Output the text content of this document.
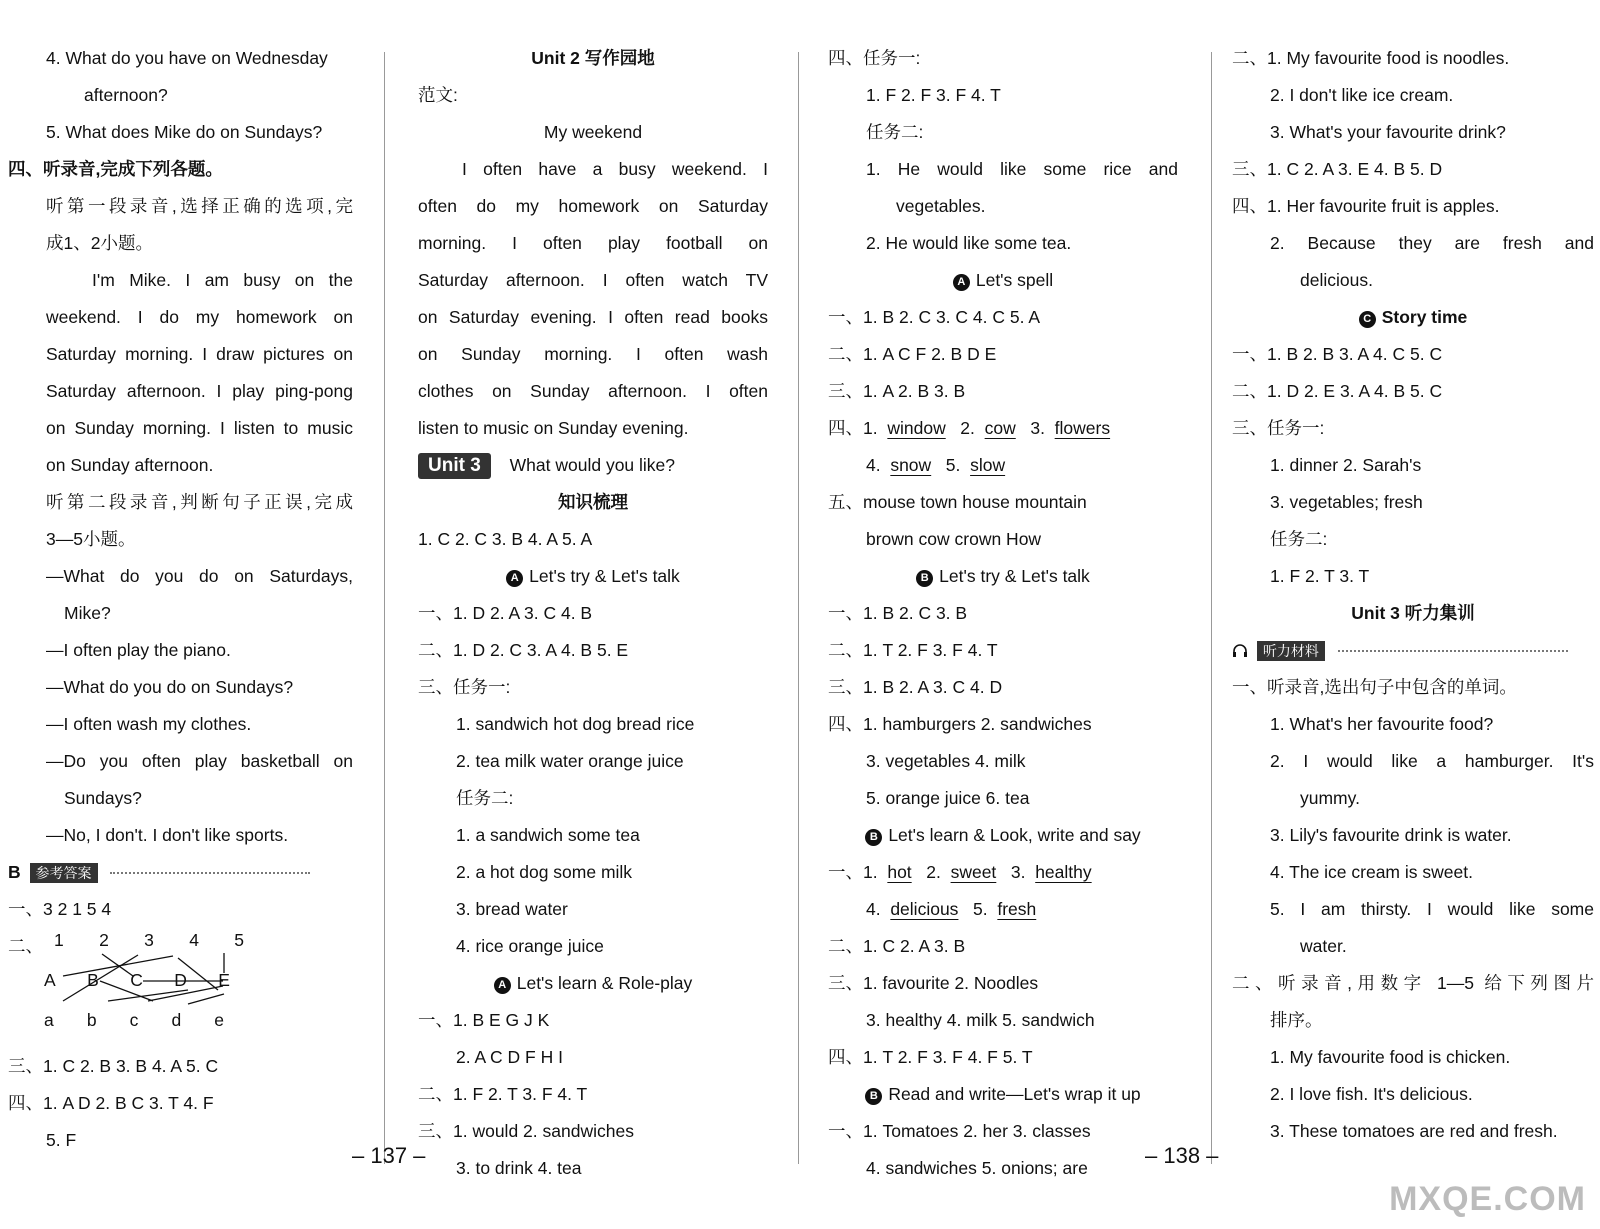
4. What do you have on Wednesday
afternoon?
5. What does Mike do on Sundays?
四、听录音,完成下列各题。
听第一段录音,选择正确的选项,完
成1、2小题。
I'm Mike. I am busy on the
weekend. I do my homework on
Saturday morning. I draw pictures on
Saturday afternoon. I play ping-pong
on Sunday morning. I listen to music
on Sunday afternoon.
听第二段录音,判断句子正误,完成
3—5小题。
—What do you do on Saturdays,
Mike?
—I often play the piano.
—What do you do on Sundays?
—I often wash my clothes.
—Do you often play basketball on
Sundays?
—No, I don't. I don't like sports.
B 参考答案
一、3 2 1 5 4
二、 1 2 3 4 5
A B C D E
a b c d e
三、1. C 2. B 3. B 4. A 5. C
四、1. A D 2. B C 3. T 4. F
5. F
Unit 2 写作园地
范文:
My weekend
I often have a busy weekend. I
often do my homework on Saturday
morning. I often play football on
Saturday afternoon. I often watch TV
on Saturday evening. I often read books
on Sunday morning. I often wash
clothes on Sunday afternoon. I often
listen to music on Sunday evening.
Unit 3 What would you like?
知识梳理
1. C 2. C 3. B 4. A 5. A
A Let's try & Let's talk
一、1. D 2. A 3. C 4. B
二、1. D 2. C 3. A 4. B 5. E
三、任务一:
1. sandwich hot dog bread rice
2. tea milk water orange juice
任务二:
1. a sandwich some tea
2. a hot dog some milk
3. bread water
4. rice orange juice
A Let's learn & Role-play
一、1. B E G J K
2. A C D F H I
二、1. F 2. T 3. F 4. T
三、1. would 2. sandwiches
3. to drink 4. tea
四、任务一:
1. F 2. F 3. F 4. T
任务二:
1. He would like some rice and
vegetables.
2. He would like some tea.
A Let's spell
一、1. B 2. C 3. C 4. C 5. A
二、1. A C F 2. B D E
三、1. A 2. B 3. B
四、1. window   2.  cow   3.  flowers
4.  snow   5.  slow
五、mouse town house mountain
brown cow crown How
B Let's try & Let's talk
一、1. B 2. C 3. B
二、1. T 2. F 3. F 4. T
三、1. B 2. A 3. C 4. D
四、1. hamburgers 2. sandwiches
3. vegetables 4. milk
5. orange juice 6. tea
B Let's learn & Look, write and say
一、1. hot   2.  sweet   3.  healthy
4.  delicious   5.  fresh
二、1. C 2. A 3. B
三、1. favourite 2. Noodles
3. healthy 4. milk 5. sandwich
四、1. T 2. F 3. F 4. F 5. T
B Read and write—Let's wrap it up
一、1. Tomatoes 2. her 3. classes
4. sandwiches 5. onions; are
二、1. My favourite food is noodles.
2. I don't like ice cream.
3. What's your favourite drink?
三、1. C 2. A 3. E 4. B 5. D
四、1. Her favourite fruit is apples.
2. Because they are fresh and
delicious.
C Story time
一、1. B 2. B 3. A 4. C 5. C
二、1. D 2. E 3. A 4. B 5. C
三、任务一:
1. dinner 2. Sarah's
3. vegetables; fresh
任务二:
1. F 2. T 3. T
Unit 3 听力集训
听力材料
一、听录音,选出句子中包含的单词。
1. What's her favourite food?
2. I would like a hamburger. It's
yummy.
3. Lily's favourite drink is water.
4. The ice cream is sweet.
5. I am thirsty. I would like some
water.
二、听录音,用数字 1—5 给下列图片
排序。
1. My favourite food is chicken.
2. I love fish. It's delicious.
3. These tomatoes are red and fresh.
– 137 –	– 138 –
MXQE.COM
